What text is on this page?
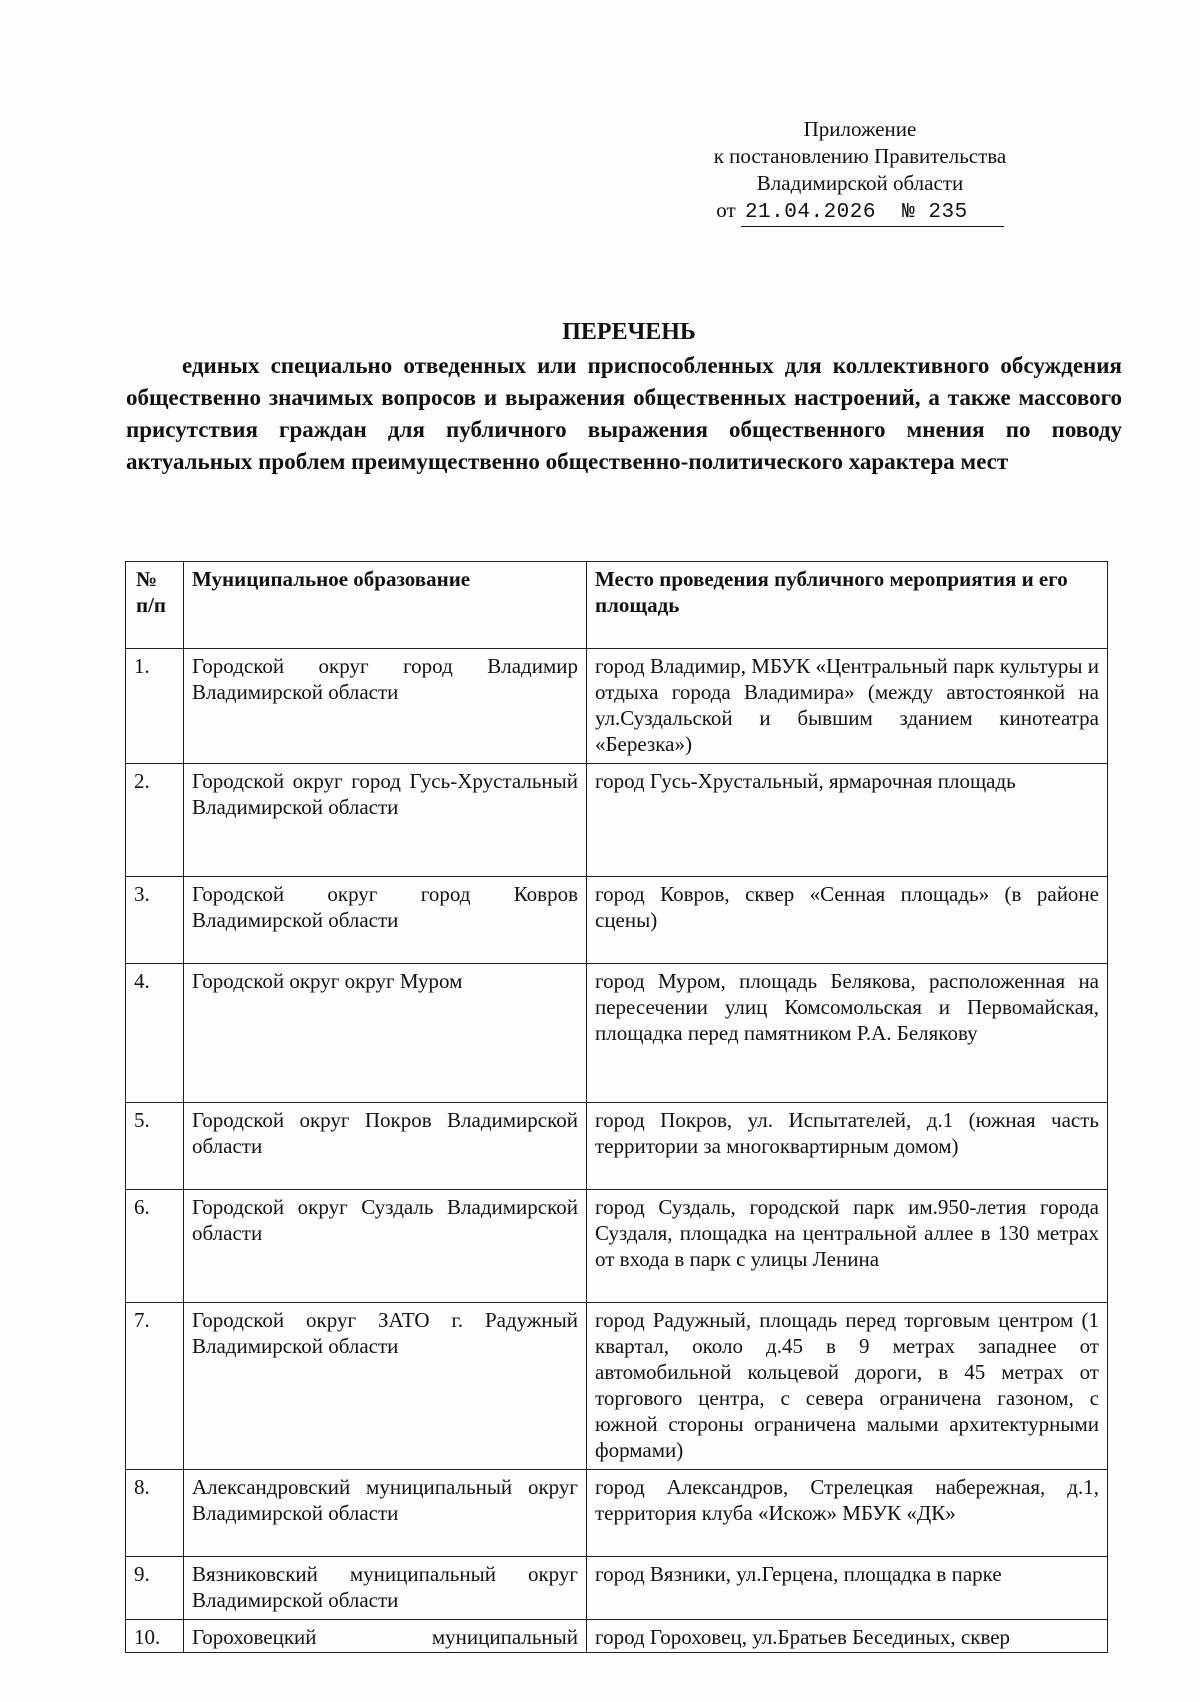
Приложение
к постановлению Правительства
Владимирской области
от 21.04.2026  № 235
ПЕРЕЧЕНЬ
единых специально отведенных или приспособленных для коллективного обсуждения общественно значимых вопросов и выражения общественных настроений, а также массового присутствия граждан для публичного выражения общественного мнения по поводу актуальных проблем преимущественно общественно-политического характера мест
№ п/п	Муниципальное образование	Место проведения публичного мероприятия и его площадь
1.	Городской округ город Владимир Владимирской области	город Владимир, МБУК «Центральный парк культуры и отдыха города Владимира» (между автостоянкой на ул.Суздальской и бывшим зданием кинотеатра «Березка»)
2.	Городской округ город Гусь-Хрустальный Владимирской области	город Гусь-Хрустальный, ярмарочная площадь
3.	Городской округ город Ковров Владимирской области	город Ковров, сквер «Сенная площадь» (в районе сцены)
4.	Городской округ округ Муром	город Муром, площадь Белякова, расположенная на пересечении улиц Комсомольская и Первомайская, площадка перед памятником Р.А. Белякову
5.	Городской округ Покров Владимирской области	город Покров, ул. Испытателей, д.1 (южная часть территории за многоквартирным домом)
6.	Городской округ Суздаль Владимирской области	город Суздаль, городской парк им.950-летия города Суздаля, площадка на центральной аллее в 130 метрах от входа в парк с улицы Ленина
7.	Городской округ ЗАТО г. Радужный Владимирской области	город Радужный, площадь перед торговым центром (1 квартал, около д.45 в 9 метрах западнее от автомобильной кольцевой дороги, в 45 метрах от торгового центра, с севера ограничена газоном, с южной стороны ограничена малыми архитектурными формами)
8.	Александровский муниципальный округ Владимирской области	город Александров, Стрелецкая набережная, д.1, территория клуба «Искож» МБУК «ДК»
9.	Вязниковский муниципальный округ Владимирской области	город Вязники, ул.Герцена, площадка в парке
10.	Гороховецкий муниципальный	город Гороховец, ул.Братьев Бесединых, сквер
